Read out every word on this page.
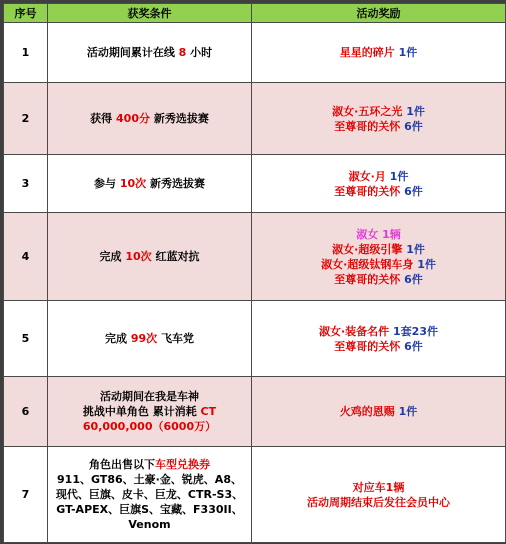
序号	获奖条件	活动奖励
1	活动期间累计在线 8 小时	星星的碎片 1件
2	获得 400分 新秀选拔赛	淑女·五环之光 1件
至尊哥的关怀 6件

3	参与 10次 新秀选拔赛	淑女·月 1件
至尊哥的关怀 6件

4	完成 10次 红蓝对抗	淑女 1辆
淑女·超级引擎 1件
淑女·超级钛钢车身 1件
至尊哥的关怀 6件

5	完成 99次 飞车党	淑女·装备名件 1套23件
至尊哥的关怀 6件

6	活动期间在我是车神
挑战中单角色 累计消耗 CT
60,000,000（6000万）	火鸡的恩赐 1件
7	角色出售以下车型兑换券
911、GT86、土豪·金、锐虎、A8、
现代、巨旗、皮卡、巨龙、CTR-S3、
GT-APEX、巨旗S、宝藏、F330II、
Venom	对应车1辆
活动周期结束后发往会员中心
